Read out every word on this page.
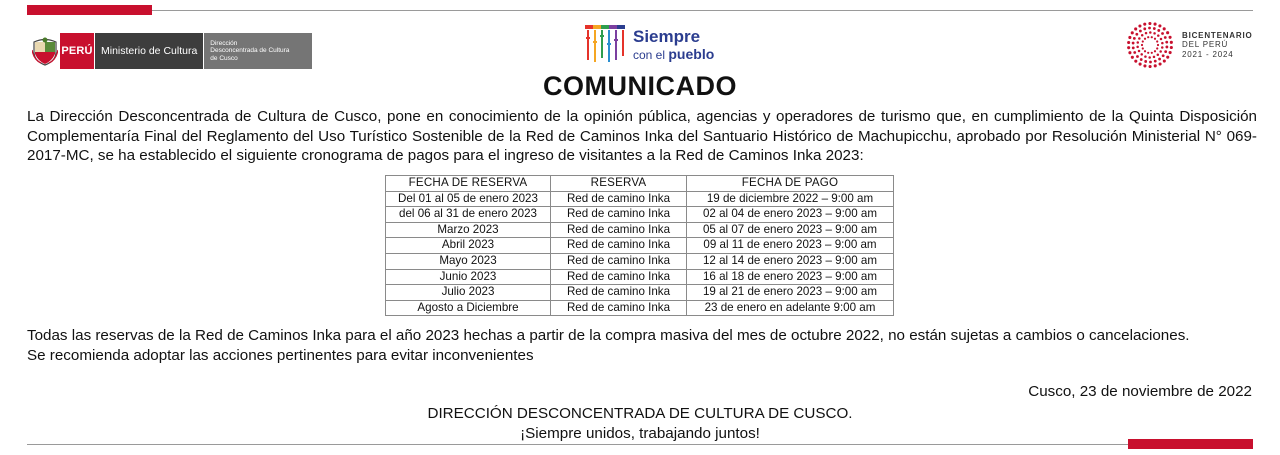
PERÚ Ministerio de Cultura
Dirección
Desconcentrada de Cultura
de Cusco
Siempre
con el pueblo
BICENTENARIO
DEL PERÚ
2021 - 2024
COMUNICADO

La Dirección Desconcentrada de Cultura de Cusco, pone en conocimiento de la opinión pública, agencias y operadores de turismo que, en cumplimiento de la Quinta Disposición Complementaría Final del Reglamento del Uso Turístico Sostenible de la Red de Caminos Inka del Santuario Histórico de Machupicchu, aprobado por Resolución Ministerial N° 069-2017-MC, se ha establecido el siguiente cronograma de pagos para el ingreso de visitantes a la Red de Caminos Inka 2023:

FECHA DE RESERVA	RESERVA	FECHA DE PAGO
Del 01 al 05 de enero 2023	Red de camino Inka	19 de diciembre 2022 – 9:00 am
del 06 al 31 de enero 2023	Red de camino Inka	02 al 04 de enero 2023 – 9:00 am
Marzo 2023	Red de camino Inka	05 al 07 de enero 2023 – 9:00 am
Abril 2023	Red de camino Inka	09 al 11 de enero 2023 – 9:00 am
Mayo 2023	Red de camino Inka	12 al 14 de enero 2023 – 9:00 am
Junio 2023	Red de camino Inka	16 al 18 de enero 2023 – 9:00 am
Julio 2023	Red de camino Inka	19 al 21 de enero 2023 – 9:00 am
Agosto a Diciembre	Red de camino Inka	23 de enero en adelante 9:00 am
Todas las reservas de la Red de Caminos Inka para el año 2023 hechas a partir de la compra masiva del mes de octubre 2022, no están sujetas a cambios o cancelaciones.
Se recomienda adoptar las acciones pertinentes para evitar inconvenientes
Cusco, 23 de noviembre de 2022
DIRECCIÓN DESCONCENTRADA DE CULTURA DE CUSCO.
¡Siempre unidos, trabajando juntos!
